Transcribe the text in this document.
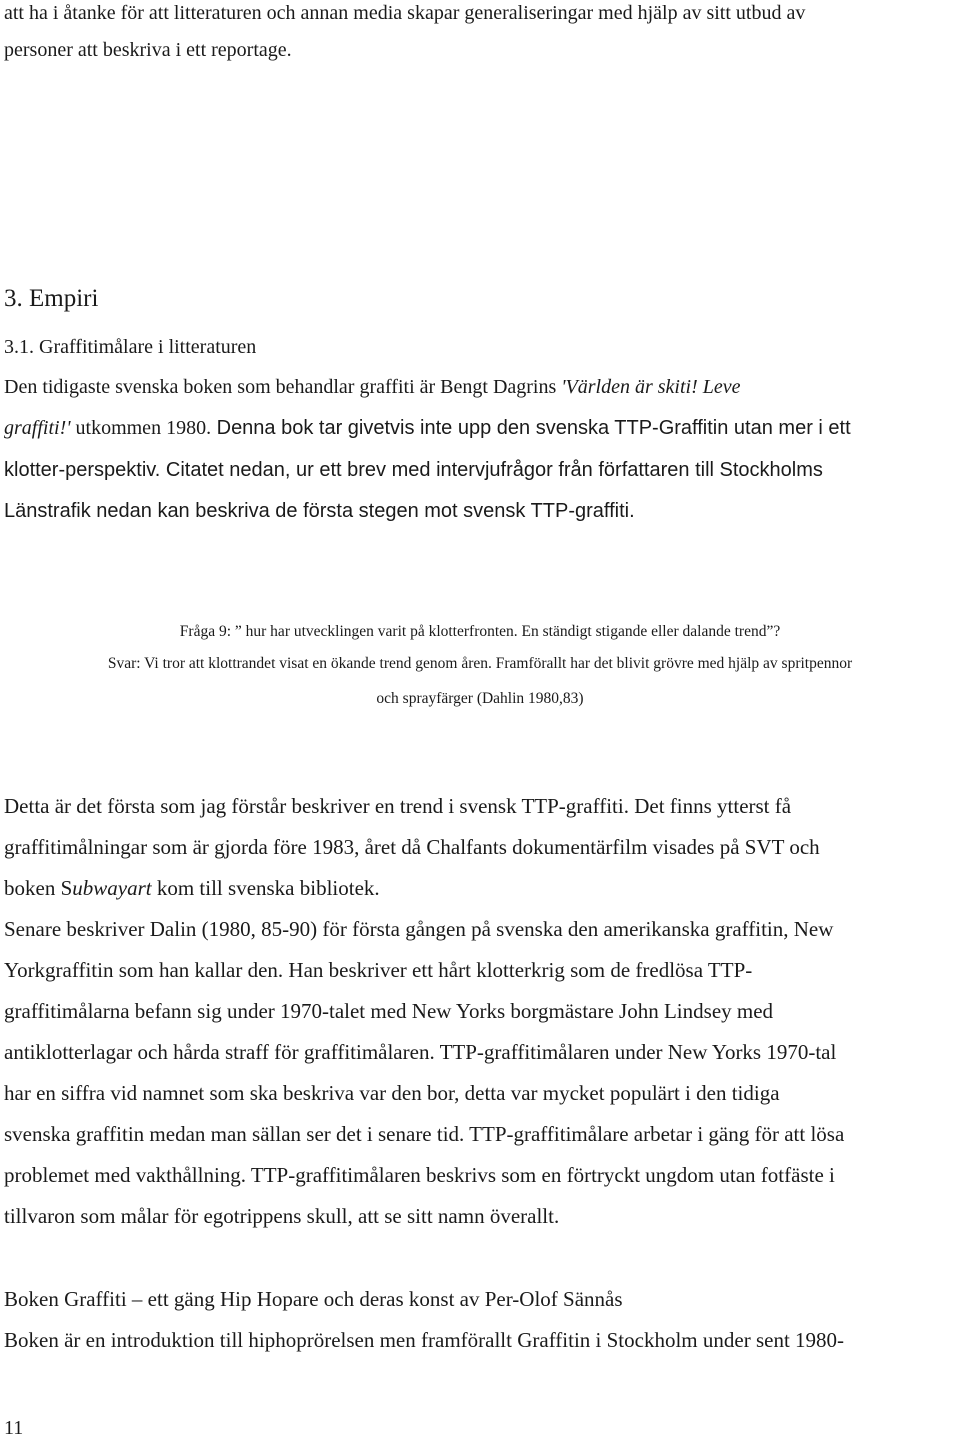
att ha i åtanke för att litteraturen och annan media skapar generaliseringar med hjälp av sitt utbud av

personer att beskriva i ett reportage.

3. Empiri

3.1. Graffitimålare i litteraturen

Den tidigaste svenska boken som behandlar graffiti är Bengt Dagrins 'Världen är skiti! Leve

graffiti!' utkommen 1980. Denna bok tar givetvis inte upp den svenska TTP-Graffitin utan mer i ett

klotter-perspektiv. Citatet nedan, ur ett brev med intervjufrågor från författaren till Stockholms

Länstrafik nedan kan beskriva de första stegen mot svensk TTP-graffiti.

Fråga 9: ” hur har utvecklingen varit på klotterfronten. En ständigt stigande eller dalande trend”?

Svar: Vi tror att klottrandet visat en ökande trend genom åren. Framförallt har det blivit grövre med hjälp av spritpennor

och sprayfärger (Dahlin 1980,83)

Detta är det första som jag förstår beskriver en trend i svensk TTP-graffiti. Det finns ytterst få

graffitimålningar som är gjorda före 1983, året då Chalfants dokumentärfilm visades på SVT och

boken Subwayart kom till svenska bibliotek.

Senare beskriver Dalin (1980, 85-90) för första gången på svenska den amerikanska graffitin, New

Yorkgraffitin som han kallar den. Han beskriver ett hårt klotterkrig som de fredlösa TTP-

graffitimålarna befann sig under 1970-talet med New Yorks borgmästare John Lindsey med

antiklotterlagar och hårda straff för graffitimålaren. TTP-graffitimålaren under New Yorks 1970-tal

har en siffra vid namnet som ska beskriva var den bor, detta var mycket populärt i den tidiga

svenska graffitin medan man sällan ser det i senare tid. TTP-graffitimålare arbetar i gäng för att lösa

problemet med vakthållning. TTP-graffitimålaren beskrivs som en förtryckt ungdom utan fotfäste i

tillvaron som målar för egotrippens skull, att se sitt namn överallt.

Boken Graffiti – ett gäng Hip Hopare och deras konst av Per-Olof Sännås

Boken är en introduktion till hiphoprörelsen men framförallt Graffitin i Stockholm under sent 1980-

11
